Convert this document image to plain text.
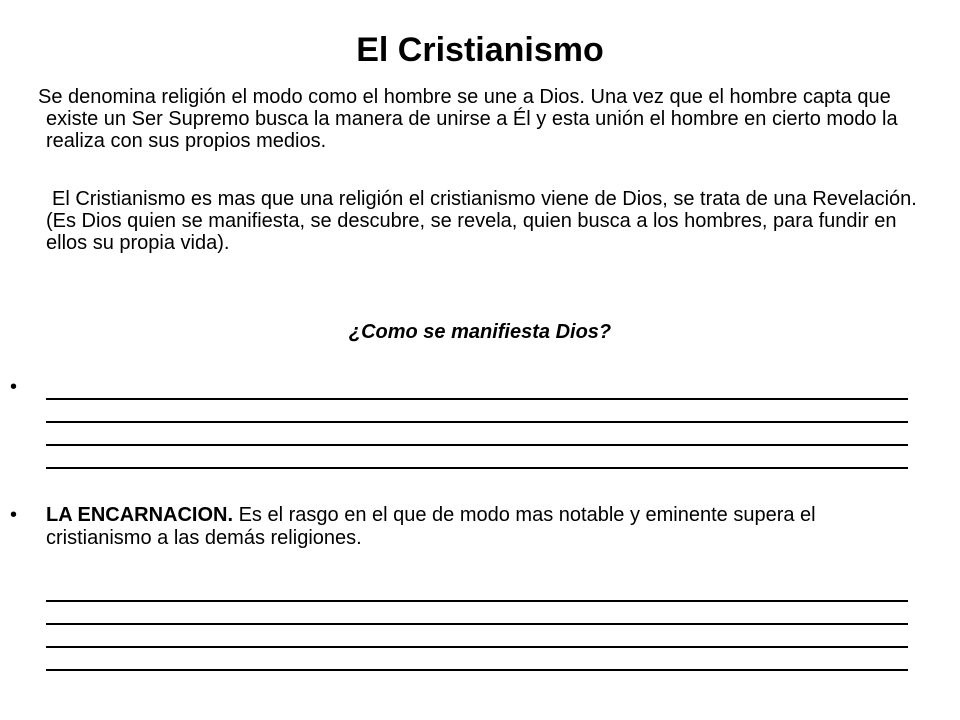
El Cristianismo
Se denomina religión el modo como el hombre se une a Dios. Una vez que el hombre capta que existe un Ser Supremo busca la manera de unirse a Él y esta unión el hombre en cierto modo la realiza con sus propios medios.
El Cristianismo es mas que una religión el cristianismo viene de Dios, se trata de una Revelación. (Es Dios quien se manifiesta, se descubre, se revela, quien busca a los hombres, para fundir en ellos su propia vida).
¿Como se manifiesta Dios?
•
• LA ENCARNACION. Es el rasgo en el que de modo mas notable y eminente supera el cristianismo a las demás religiones.
